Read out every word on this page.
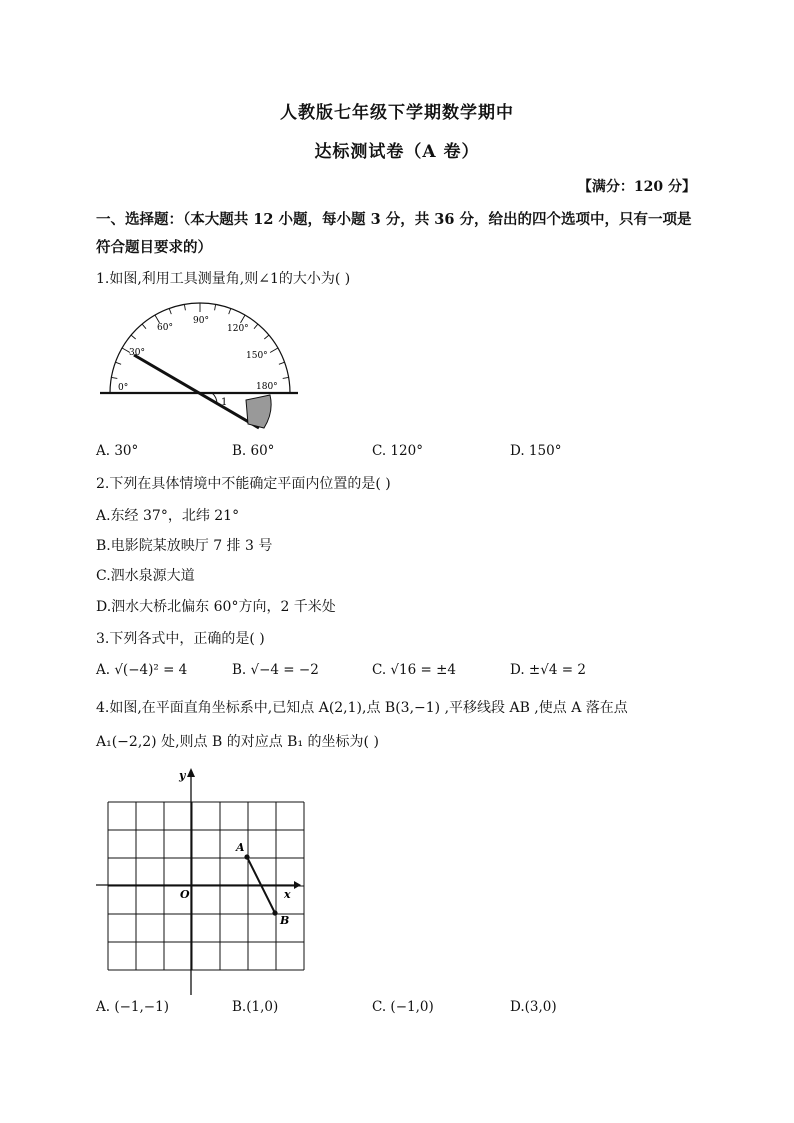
人教版七年级下学期数学期中
达标测试卷（A 卷）
【满分：120 分】
一、选择题：（本大题共 12 小题，每小题 3 分，共 36 分，给出的四个选项中，只有一项是符合题目要求的）
1.如图,利用工具测量角,则∠1的大小为( )
0°
30°
60°
90°
120°
150°
180°
1
A. 30°	B. 60°	C. 120°	D. 150°
2.下列在具体情境中不能确定平面内位置的是( )
A.东经 37°，北纬 21°
B.电影院某放映厅 7 排 3 号
C.泗水泉源大道
D.泗水大桥北偏东 60°方向，2 千米处
3.下列各式中，正确的是( )
A. √(−4)² = 4	B. √−4 = −2	C. √16 = ±4	D. ±√4 = 2
4.如图,在平面直角坐标系中,已知点 A(2,1),点 B(3,−1) ,平移线段 AB ,使点 A 落在点
A₁(−2,2) 处,则点 B 的对应点 B₁ 的坐标为( )
x
y
O
A
B
A. (−1,−1)	B.(1,0)	C. (−1,0)	D.(3,0)
